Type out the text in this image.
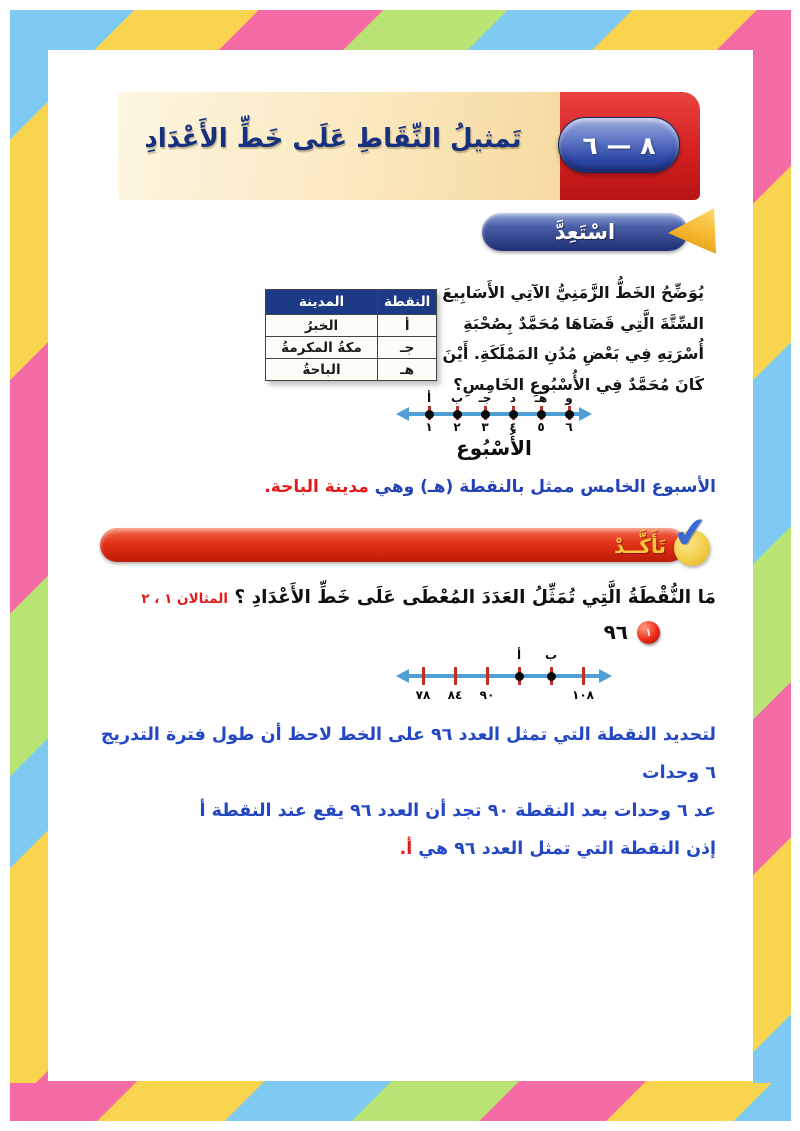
٨ — ٦
تَمثيلُ النِّقَاطِ عَلَى خَطِّ الأَعْدَادِ
اسْتَعِدَّ
يُوَضِّحُ الخَطُّ الزَّمَنِيُّ الآتِي الأَسَابِيعَ السِّتَّةَ الَّتِي قَضَاهَا مُحَمَّدٌ بِصُحْبَةِ أُسْرَتِهِ فِي بَعْضِ مُدُنِ المَمْلَكَةِ. أَيْنَ كَانَ مُحَمَّدٌ فِي الأُسْبُوعِ الخَامِسِ؟
النقطة	المدينة
أ	الخبرُ
جـ	مكةُ المكرمةُ
هـ	الباحةُ
أ
١
ب
٢
جـ
٣
د
٤
هـ
٥
و
٦
الأُسْبُوع
الأسبوع الخامس ممثل بالنقطة (هـ) وهي مدينة الباحة.
تَأَكَّــدْ ✔
مَا النُّقْطَةُ الَّتِي تُمَثِّلُ العَدَدَ المُعْطَى عَلَى خَطِّ الأَعْدَادِ ؟ المثالان ١ ، ٢
١
٩٦
٧٨	٨٤	٩٠
أ	ب
١٠٨
لتحديد النقطة التي تمثل العدد ٩٦ على الخط لاحظ أن طول فترة التدريج ٦ وحدات
عد ٦ وحدات بعد النقطة ٩٠ تجد أن العدد ٩٦ يقع عند النقطة أ
إذن النقطة التي تمثل العدد ٩٦ هي أ.
